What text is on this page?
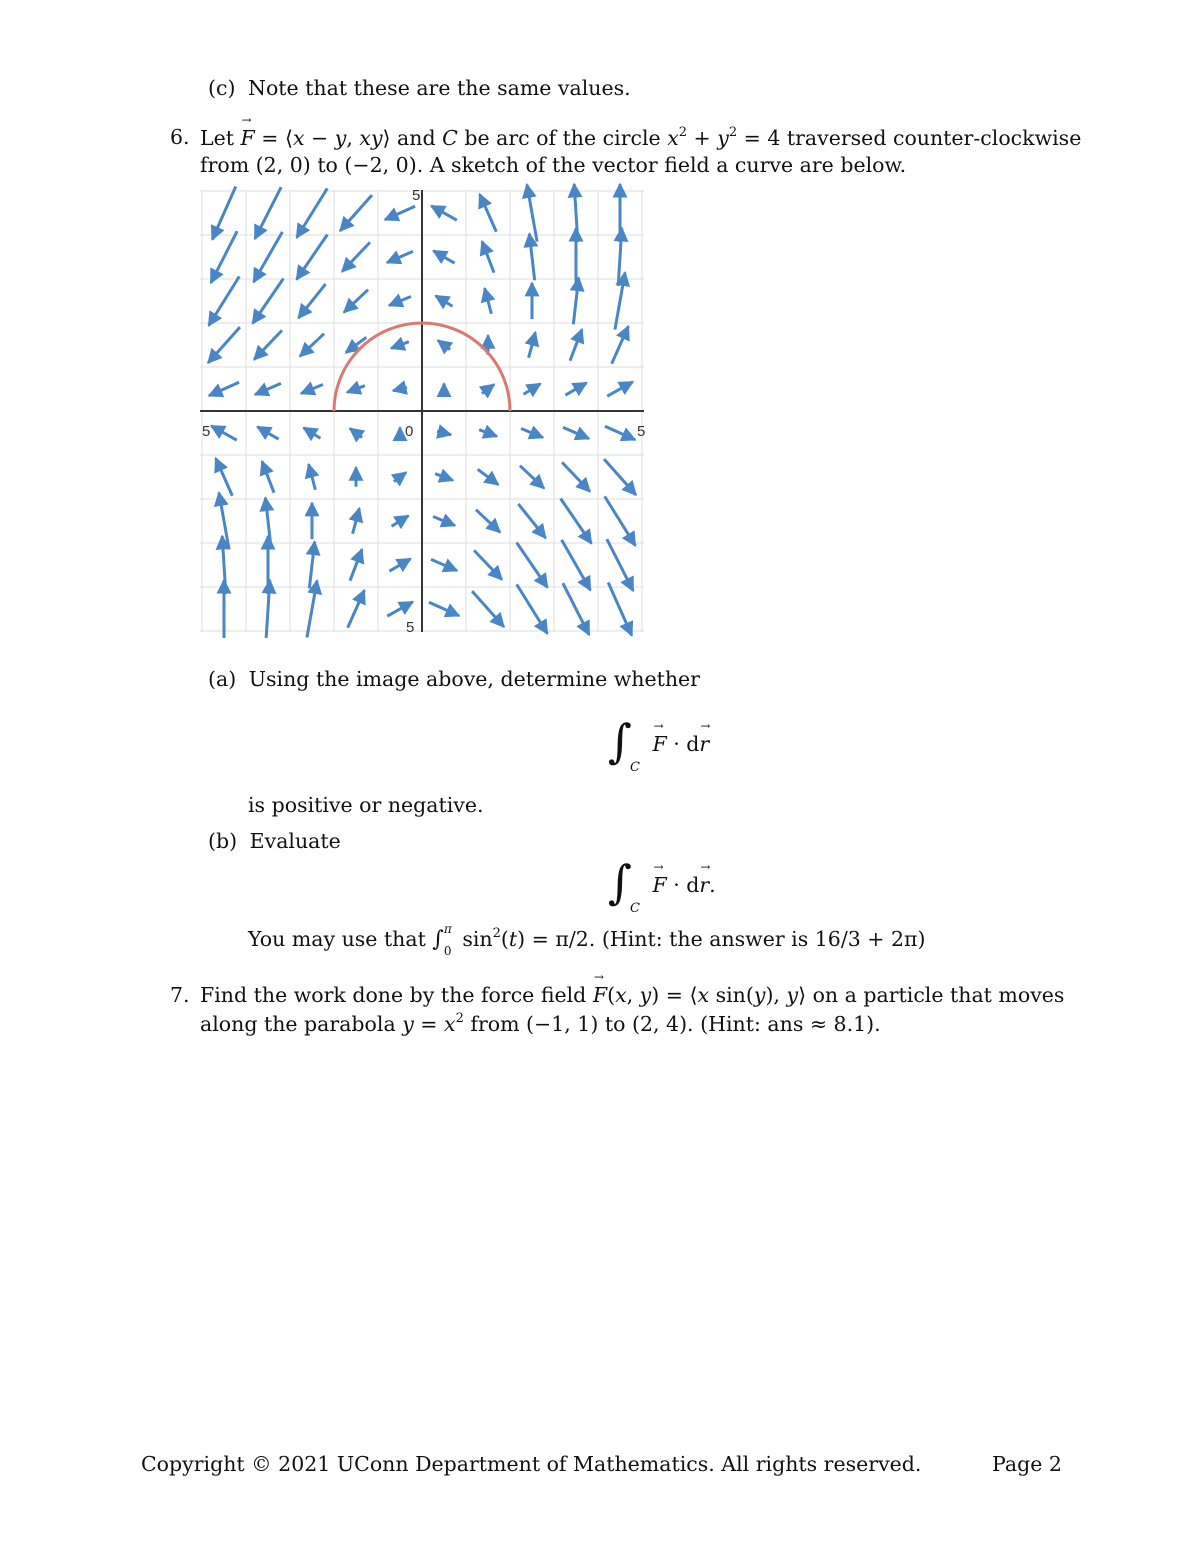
(c) Note that these are the same values.
6. Let → F = ⟨x − y, xy⟩ and C be arc of the circle $x^2 + y^2 = 4$ traversed counter-clockwise
from (2, 0) to (−2, 0). A sketch of the vector field a curve are below.
5	0	5
5
5
(a) Using the image above, determine whether
$\int_C \to F \cdot d\to r$
is positive or negative.
(b) Evaluate
$\int_C \to F \cdot d\to r$.
You may use that ∫ π
0 $\sin^2(t) = \pi/2$. (Hint: the answer is 16/3 + 2π)
7. Find the work done by the force field → F(x, y) = ⟨x sin(y), y⟩ on a particle that moves
along the parabola $y = x^2$ from (−1, 1) to (2, 4). (Hint: ans ≈ 8.1).
Copyright © 2021 UConn Department of Mathematics. All rights reserved.	Page 2
